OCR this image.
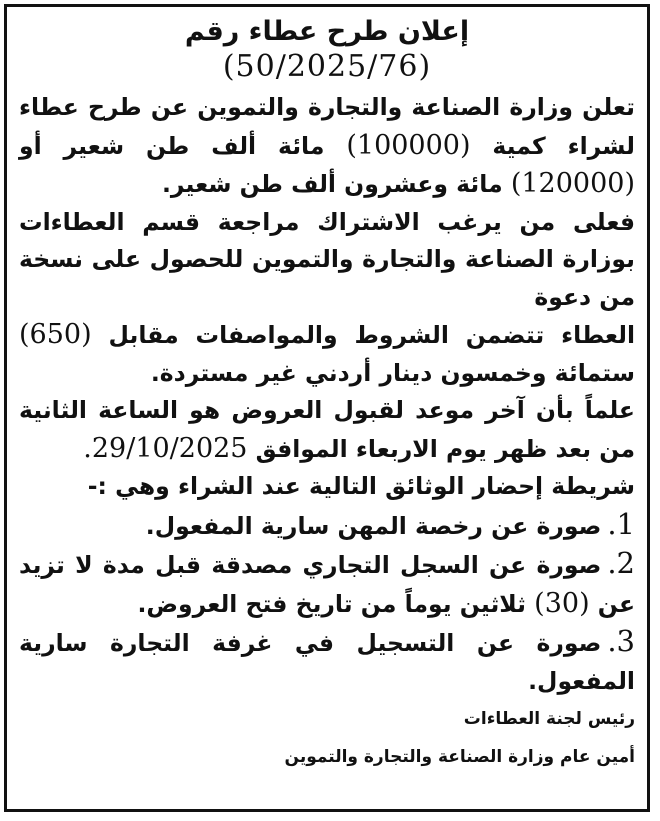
إعلان طرح عطاء رقم
(50/2025/76)

تعلن وزارة الصناعة والتجارة والتموين عن طرح عطاء لشراء كمية (100000) مائة ألف طن شعير أو (120000) مائة وعشرون ألف طن شعير.

فعلى من يرغب الاشتراك مراجعة قسم العطاءات بوزارة الصناعة والتجارة والتموين للحصول على نسخة من دعوة

العطاء تتضمن الشروط والمواصفات مقابل (650) ستمائة وخمسون دينار أردني غير مستردة.

علماً بأن آخر موعد لقبول العروض هو الساعة الثانية من بعد ظهر يوم الاربعاء الموافق 29/10/2025.

شريطة إحضار الوثائق التالية عند الشراء وهي :-

1.صورة عن رخصة المهن سارية المفعول.
2.صورة عن السجل التجاري مصدقة قبل مدة لا تزيد عن (30) ثلاثين يوماً من تاريخ فتح العروض.
3.صورة عن التسجيل في غرفة التجارة سارية المفعول.
رئيس لجنة العطاءات
أمين عام وزارة الصناعة والتجارة والتموين
